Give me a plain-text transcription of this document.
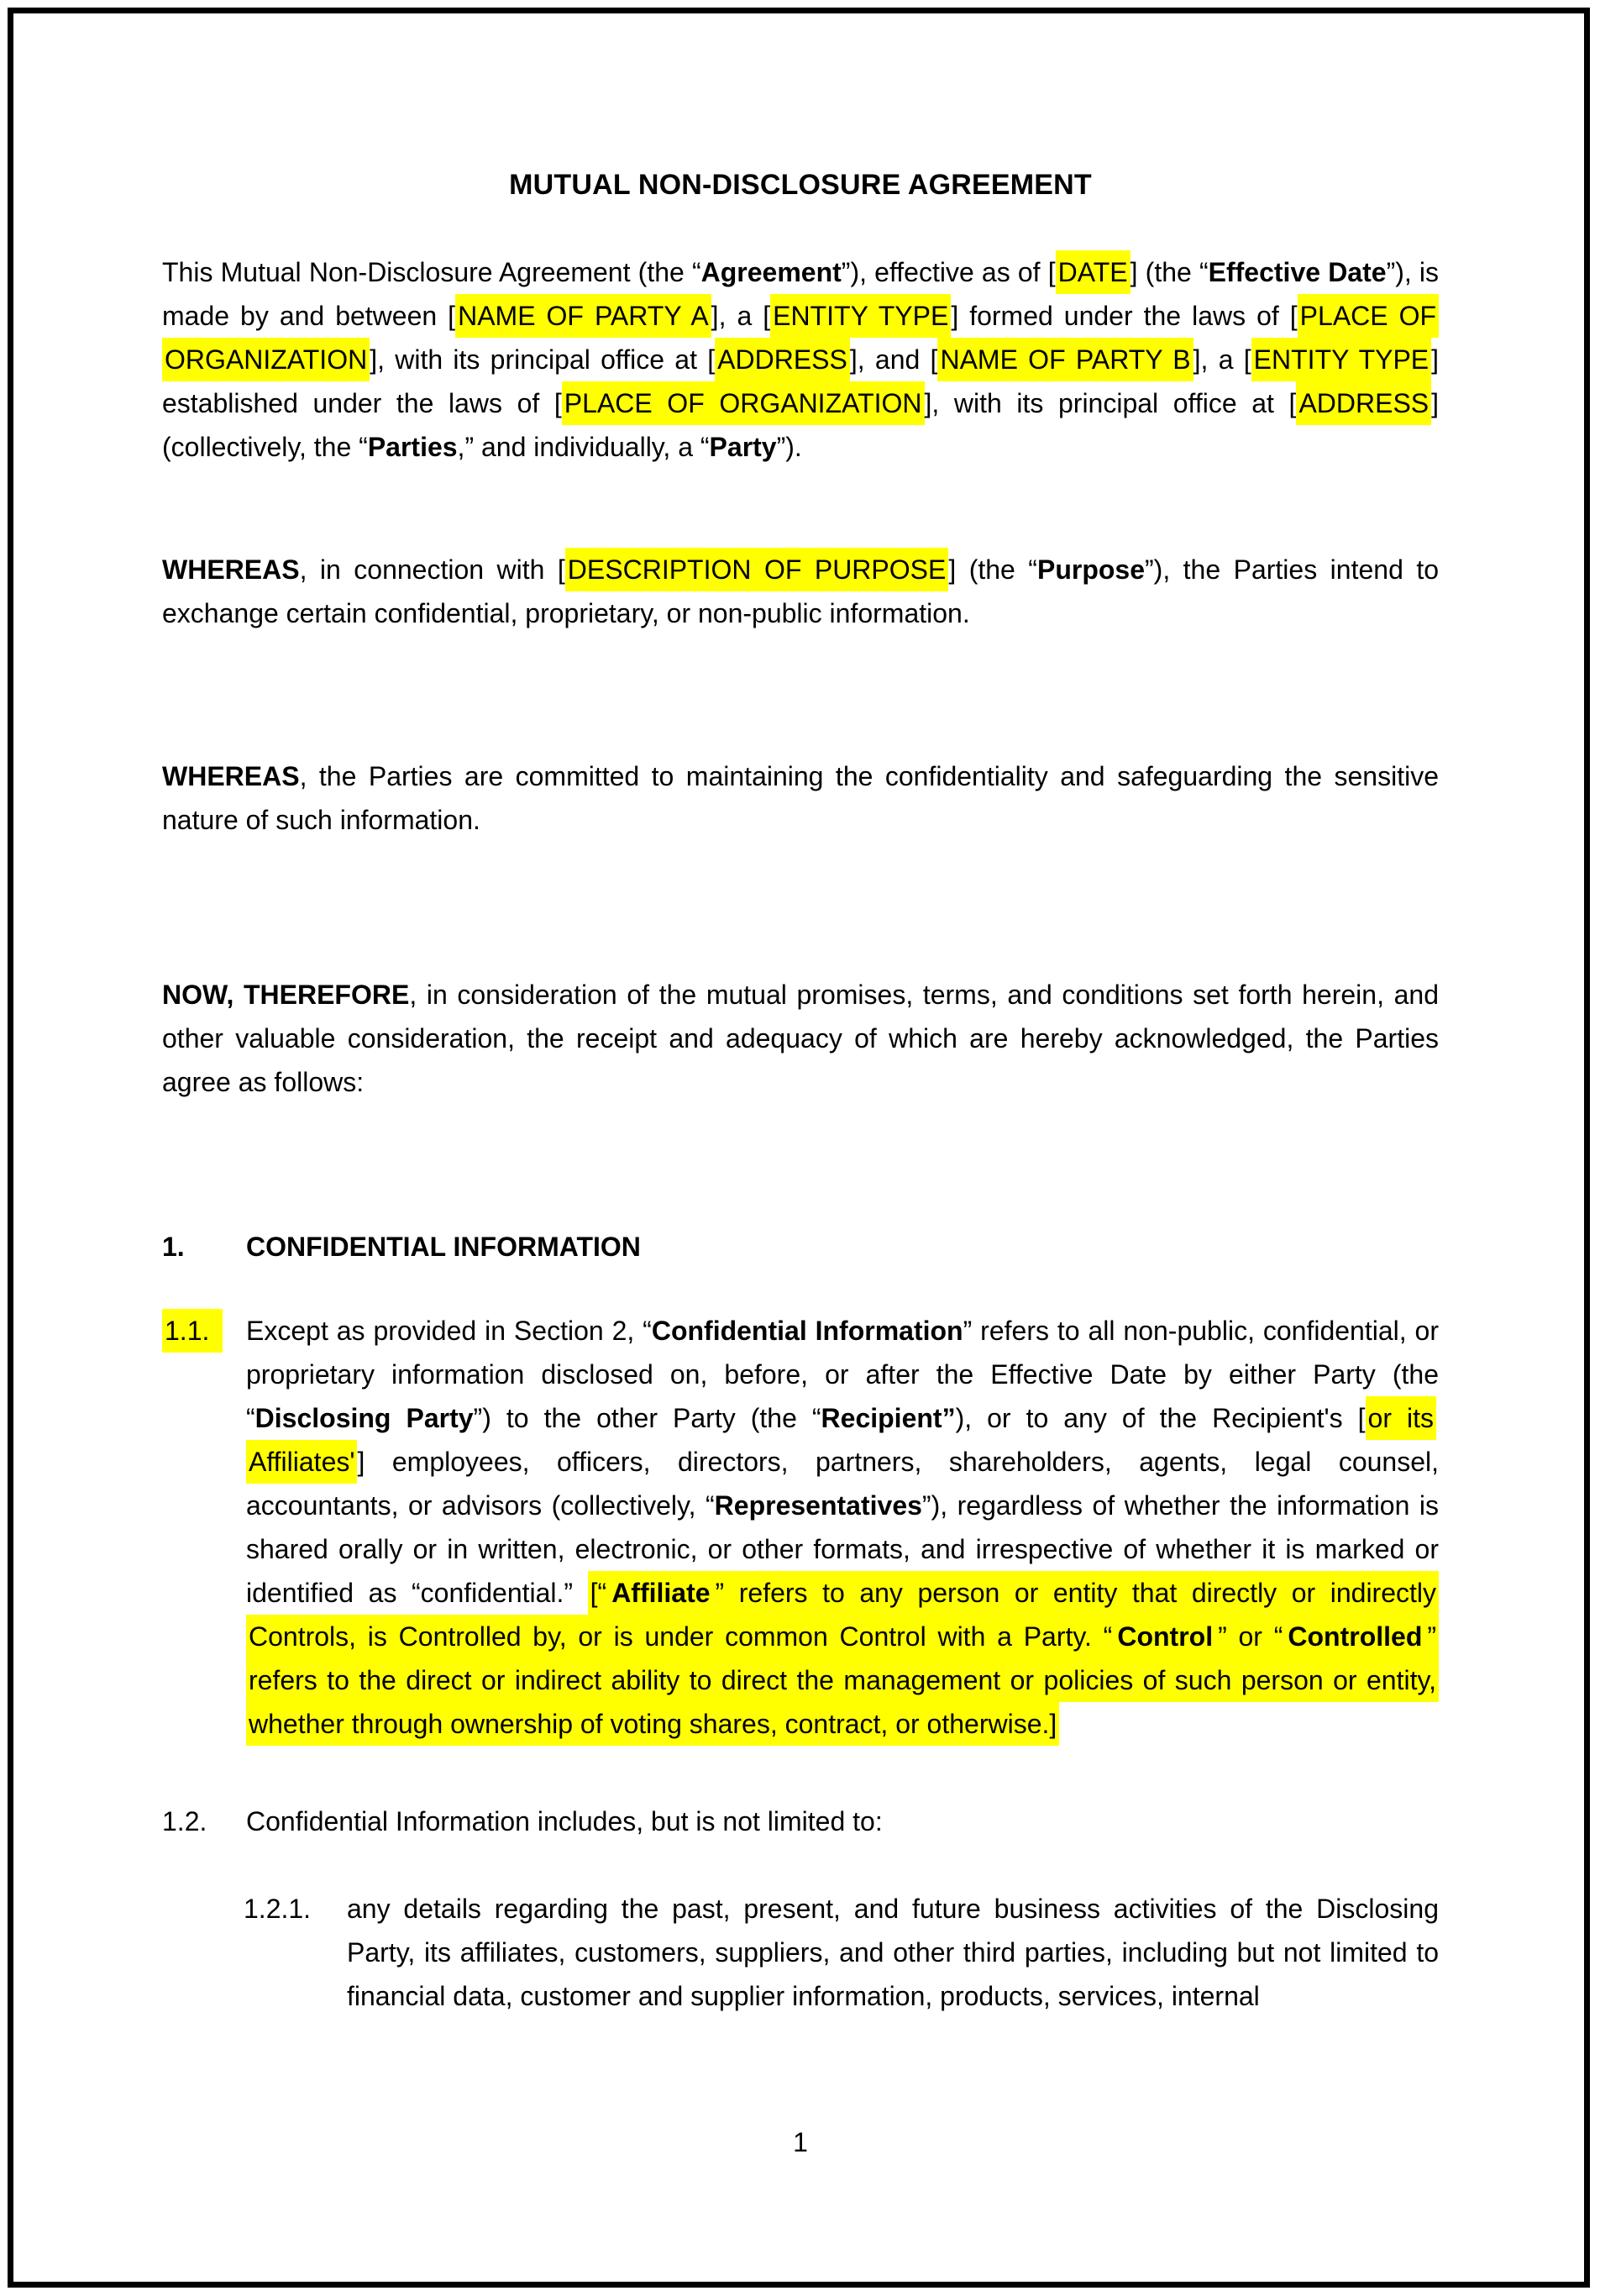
MUTUAL NON-DISCLOSURE AGREEMENT
This Mutual Non-Disclosure Agreement (the “Agreement”), effective as of [DATE] (the “Effective Date”), is made by and between [NAME OF PARTY A], a [ENTITY TYPE] formed under the laws of [PLACE OF ORGANIZATION], with its principal office at [ADDRESS], and [NAME OF PARTY B], a [ENTITY TYPE] established under the laws of [PLACE OF ORGANIZATION], with its principal office at [ADDRESS] (collectively, the “Parties,” and individually, a “Party”).
WHEREAS, in connection with [DESCRIPTION OF PURPOSE] (the “Purpose”), the Parties intend to exchange certain confidential, proprietary, or non-public information.
WHEREAS, the Parties are committed to maintaining the confidentiality and safeguarding the sensitive nature of such information.
NOW, THEREFORE, in consideration of the mutual promises, terms, and conditions set forth herein, and other valuable consideration, the receipt and adequacy of which are hereby acknowledged, the Parties agree as follows:
1.	CONFIDENTIAL INFORMATION
1.1.	Except as provided in Section 2, “Confidential Information” refers to all non-public, confidential, or proprietary information disclosed on, before, or after the Effective Date by either Party (the “Disclosing Party”) to the other Party (the “Recipient”), or to any of the Recipient's [or its Affiliates'] employees, officers, directors, partners, shareholders, agents, legal counsel, accountants, or advisors (collectively, “Representatives”), regardless of whether the information is shared orally or in written, electronic, or other formats, and irrespective of whether it is marked or identified as “confidential.” [“ Affiliate ” refers to any person or entity that directly or indirectly Controls, is Controlled by, or is under common Control with a Party. “ Control ” or “ Controlled ” refers to the direct or indirect ability to direct the management or policies of such person or entity, whether through ownership of voting shares, contract, or otherwise.]
1.2.	Confidential Information includes, but is not limited to:
1.2.1.	any details regarding the past, present, and future business activities of the Disclosing Party, its affiliates, customers, suppliers, and other third parties, including but not limited to financial data, customer and supplier information, products, services, internal
1
